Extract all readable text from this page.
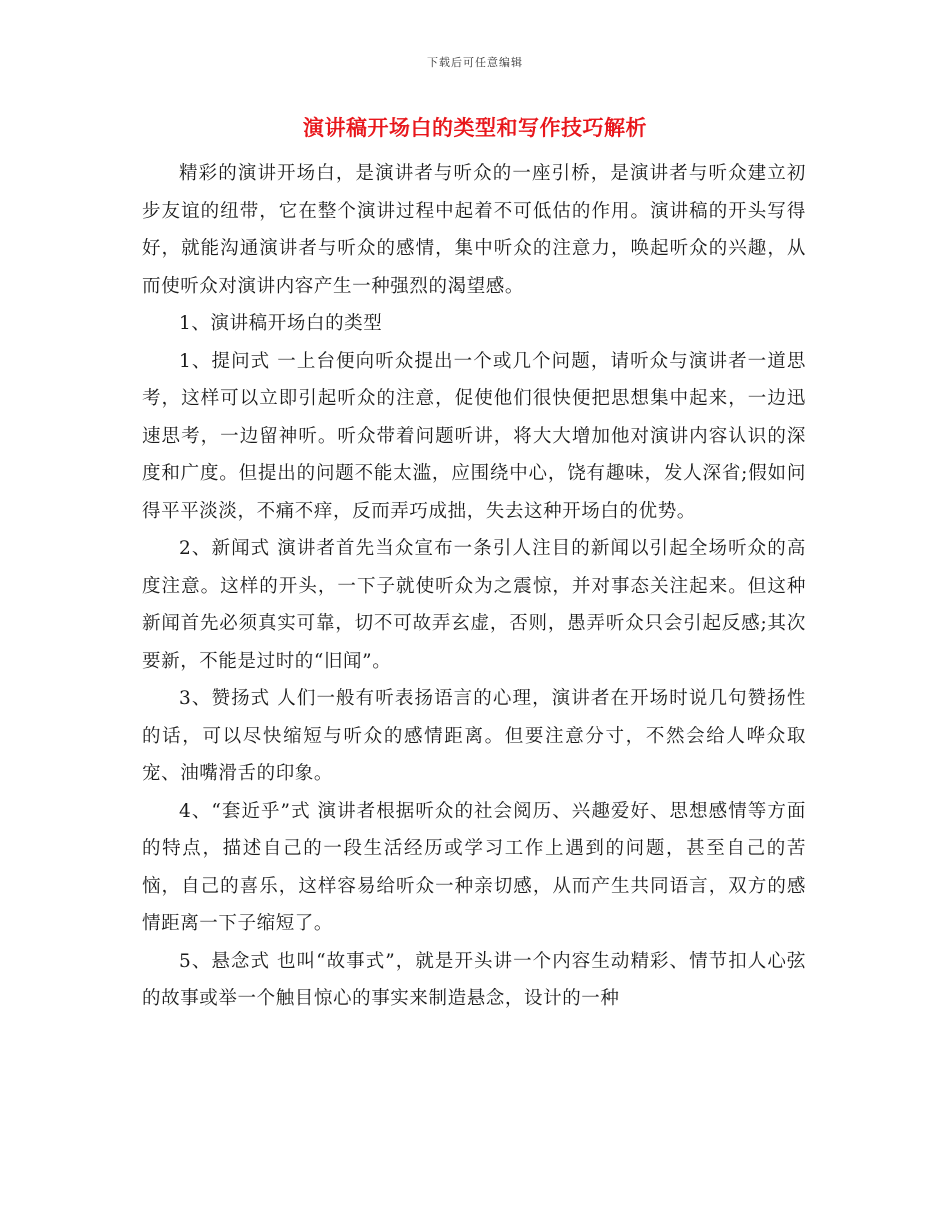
下载后可任意编辑
演讲稿开场白的类型和写作技巧解析

精彩的演讲开场白，是演讲者与听众的一座引桥，是演讲者与听众建立初步友谊的纽带，它在整个演讲过程中起着不可低估的作用。演讲稿的开头写得好，就能沟通演讲者与听众的感情，集中听众的注意力，唤起听众的兴趣，从而使听众对演讲内容产生一种强烈的渴望感。

1、演讲稿开场白的类型

1、提问式 一上台便向听众提出一个或几个问题，请听众与演讲者一道思考，这样可以立即引起听众的注意，促使他们很快便把思想集中起来，一边迅速思考，一边留神听。听众带着问题听讲，将大大增加他对演讲内容认识的深度和广度。但提出的问题不能太滥，应围绕中心，饶有趣味，发人深省;假如问得平平淡淡，不痛不痒，反而弄巧成拙，失去这种开场白的优势。

2、新闻式 演讲者首先当众宣布一条引人注目的新闻以引起全场听众的高度注意。这样的开头，一下子就使听众为之震惊，并对事态关注起来。但这种新闻首先必须真实可靠，切不可故弄玄虚，否则，愚弄听众只会引起反感;其次要新，不能是过时的“旧闻”。

3、赞扬式 人们一般有听表扬语言的心理，演讲者在开场时说几句赞扬性的话，可以尽快缩短与听众的感情距离。但要注意分寸，不然会给人哗众取宠、油嘴滑舌的印象。

4、“套近乎”式 演讲者根据听众的社会阅历、兴趣爱好、思想感情等方面的特点，描述自己的一段生活经历或学习工作上遇到的问题，甚至自己的苦恼，自己的喜乐，这样容易给听众一种亲切感，从而产生共同语言，双方的感情距离一下子缩短了。

5、悬念式 也叫“故事式”，就是开头讲一个内容生动精彩、情节扣人心弦的故事或举一个触目惊心的事实来制造悬念，设计的一种
